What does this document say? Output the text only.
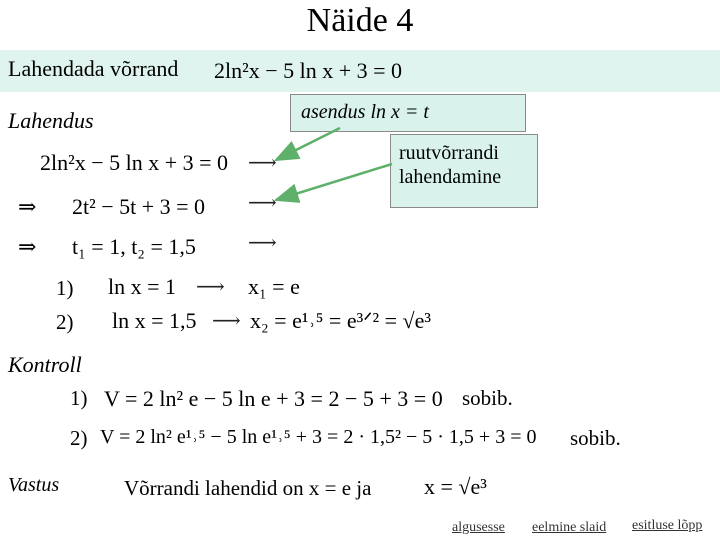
Näide 4
Lahendada võrrand 2ln²x − 5 ln x + 3 = 0
asendus ln x = t
ruutvõrrandi lahendamine
Lahendus
2ln²x − 5 ln x + 3 = 0 ⟶
⇒ 2t² − 5t + 3 = 0 ⟶
⇒ t₁ = 1, t₂ = 1,5	⟶
1) ln x = 1 ⟶ x₁ = e
2) ln x = 1,5 ⟶ x₂ = e¹˒⁵ = e³ᐟ² = √e³
Kontroll
1) V = 2 ln² e − 5 ln e + 3 = 2 − 5 + 3 = 0 sobib.
2) V = 2 ln² e¹˒⁵ − 5 ln e¹˒⁵ + 3 = 2 · 1,5² − 5 · 1,5 + 3 = 0 sobib.
Vastus	Võrrandi lahendid on x = e ja x = √e³
algusesse eelmine slaid esitluse lõpp
